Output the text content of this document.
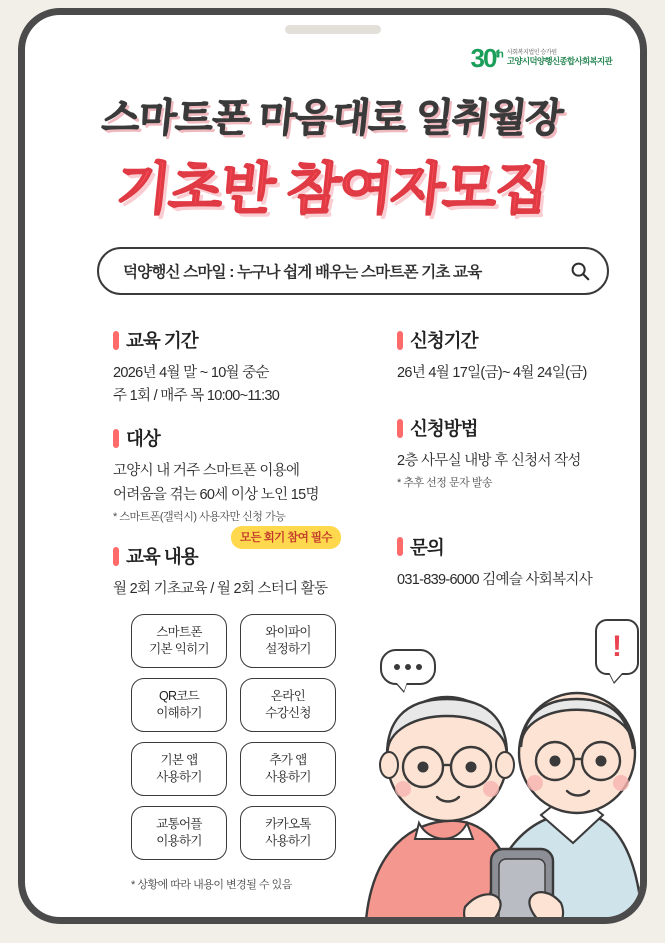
30th 사회복지법인 승가원
고양시덕양행신종합사회복지관
스마트폰 마음대로 일취월장
기초반 참여자모집
덕양행신 스마일 : 누구나 쉽게 배우는 스마트폰 기초 교육
교육 기간
2026년 4월 말 ~ 10월 중순
주 1회 / 매주 목 10:00~11:30
대상
고양시 내 거주 스마트폰 이용에
어려움을 겪는 60세 이상 노인 15명
* 스마트폰(갤럭시) 사용자만 신청 가능
교육 내용
모든 회기 참여 필수
월 2회 기초교육 / 월 2회 스터디 활동
스마트폰
기본 익히기
와이파이
설정하기
QR코드
이해하기
온라인
수강신청
기본 앱
사용하기
추가 앱
사용하기
교통어플
이용하기
카카오톡
사용하기
* 상황에 따라 내용이 변경될 수 있음
신청기간
26년 4월 17일(금)~ 4월 24일(금)
신청방법
2층 사무실 내방 후 신청서 작성
* 추후 선정 문자 발송
문의
031-839-6000 김예슬 사회복지사
!
